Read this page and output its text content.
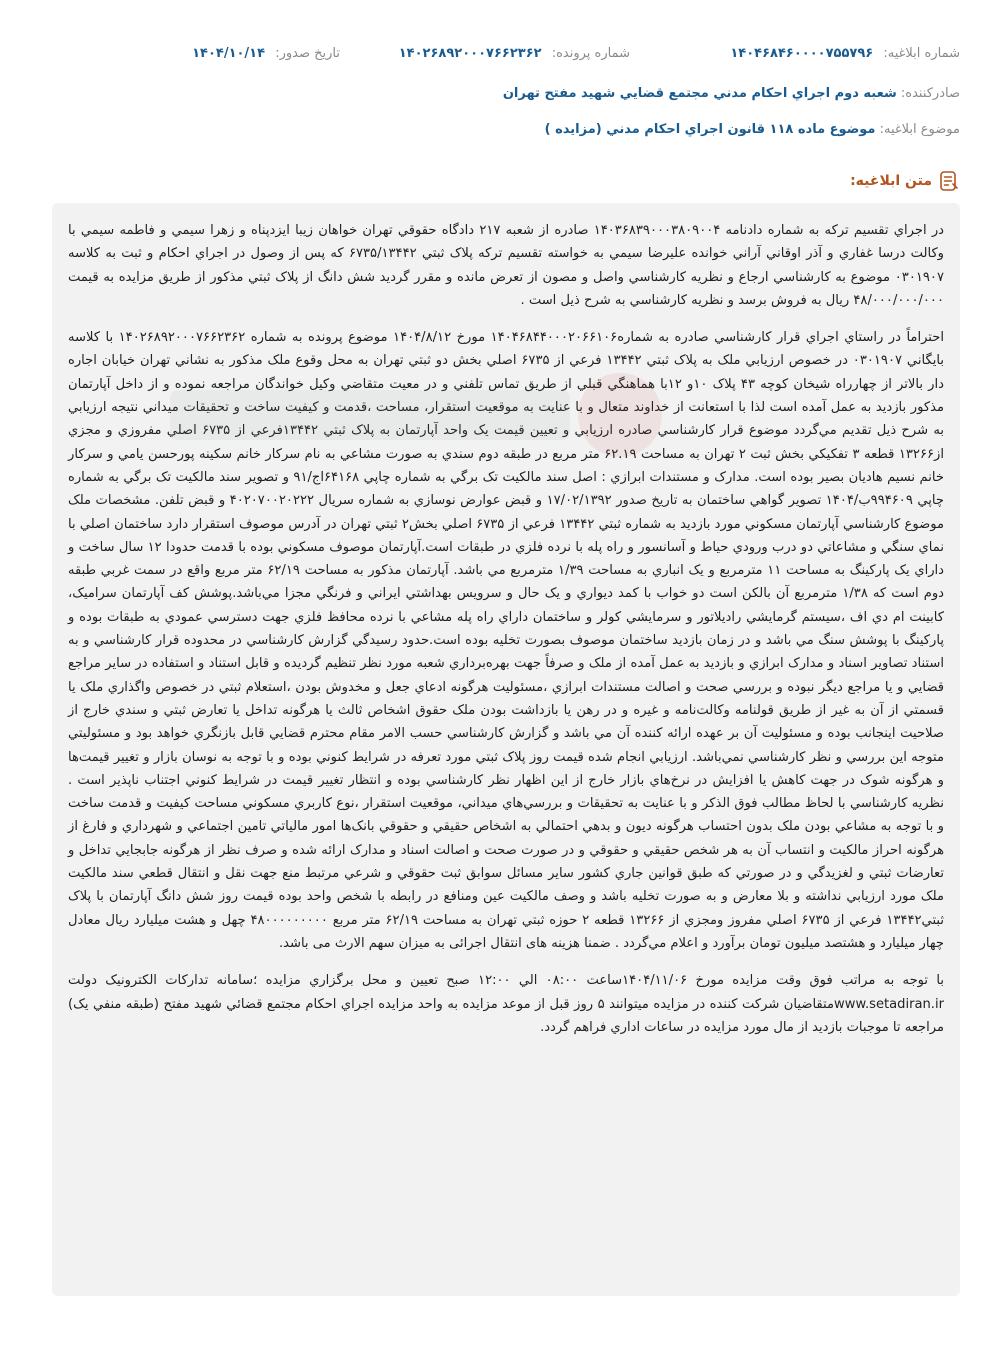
شماره ابلاغيه: ۱۴۰۴۶۸۴۶۰۰۰۰۷۵۵۷۹۶
شماره پرونده: ۱۴۰۲۶۸۹۲۰۰۰۷۶۶۲۳۶۲
تاريخ صدور: ۱۴۰۴/۱۰/۱۴
صادرکننده: شعبه دوم اجراي احکام مدني مجتمع قضايي شهيد مفتح تهران
موضوع ابلاغيه: موضوع ماده ۱۱۸ قانون اجراي احکام مدني (مزايده )
متن ابلاغيه:

در اجراي تقسيم ترکه به شماره دادنامه ۱۴۰۳۶۸۳۹۰۰۰۳۸۰۹۰۰۴ صادره از شعبه ۲۱۷ دادگاه حقوقي تهران خواهان زيبا ايزدپناه و زهرا سيمي و فاطمه سيمي با وکالت درسا غفاري و آذر اوقاني آراني خوانده عليرضا سيمي به خواسته تقسيم ترکه پلاک ثبتي ۶۷۳۵/۱۳۴۴۲ که پس از وصول در اجراي احکام و ثبت به کلاسه ۰۳۰۱۹۰۷ موضوع به کارشناسي ارجاع و نظريه کارشناسي واصل و مصون از تعرض مانده و مقرر گرديد شش دانگ از پلاک ثبتي مذکور از طريق مزايده به قيمت ۴۸/۰۰۰/۰۰۰/۰۰۰ ريال به فروش برسد و نظريه کارشناسي به شرح ذيل است .

احتراماً در راستاي اجراي قرار کارشناسي صادره به شماره۱۴۰۴۶۸۴۴۰۰۰۲۰۶۶۱۰۶ مورخ ۱۴۰۴/۸/۱۲ موضوع پرونده به شماره ۱۴۰۲۶۸۹۲۰۰۰۷۶۶۲۳۶۲ با کلاسه بايگاني ۰۳۰۱۹۰۷ در خصوص ارزيابي ملک به پلاک ثبتي ۱۳۴۴۲ فرعي از ۶۷۳۵ اصلي بخش دو ثبتي تهران به محل وقوع ملک مذکور به نشاني تهران خيابان اجاره دار بالاتر از چهارراه شيخان کوچه ۴۳ پلاک ۱۰و ۱۲با هماهنگي قبلي از طريق تماس تلفني و در معيت متقاضي وکيل خواندگان مراجعه نموده و از داخل آپارتمان مذکور بازديد به عمل آمده است لذا با استعانت از خداوند متعال و با عنايت به موقعيت استقرار، مساحت ،قدمت و کيفيت ساخت و تحقيقات ميداني نتيجه ارزيابي به شرح ذيل تقديم مي‌گردد موضوع قرار کارشناسي صادره ارزيابي و تعيين قيمت يک واحد آپارتمان به پلاک ثبتي ۱۳۴۴۲فرعي از ۶۷۳۵ اصلي مفروزي و مجزي از۱۳۲۶۶ قطعه ۳ تفکيکي بخش ثبت ۲ تهران به مساحت ۶۲.۱۹ متر مربع در طبقه دوم سندي به صورت مشاعي به نام سرکار خانم سکينه پورحسن يامي و سرکار خانم نسيم هاديان بصير بوده است. مدارک و مستندات ابرازي : اصل سند مالکيت تک برگي به شماره چاپي ۶۴۱۶۸اج/۹۱ و تصوير سند مالکيت تک برگي به شماره چاپي ۹۹۴۶۰۹ب/۱۴۰۴ تصوير گواهي ساختمان به تاريخ صدور ۱۷/۰۲/۱۳۹۲ و قبض عوارض نوسازي به شماره سريال ۴۰۲۰۷۰۰۲۰۲۲۲ و قبض تلفن. مشخصات ملک موضوع کارشناسي آپارتمان مسکوني مورد بازديد به شماره ثبتي ۱۳۴۴۲ فرعي از ۶۷۳۵ اصلي بخش۲ ثبتي تهران در آدرس موصوف استقرار دارد ساختمان اصلي با نماي سنگي و مشاعاتي دو درب ورودي حياط و آسانسور و راه پله با نرده فلزي در طبقات است.آپارتمان موصوف مسکوني بوده با قدمت حدودا ۱۲ سال ساخت و داراي يک پارکينگ به مساحت ۱۱ مترمربع و يک انباري به مساحت ۱/۳۹ مترمربع مي باشد. آپارتمان مذکور به مساحت ۶۲/۱۹ متر مربع واقع در سمت غربي طبقه دوم است که ۱/۳۸ مترمربع آن بالکن است دو خواب با کمد ديواري و يک حال و سرويس بهداشتي ايراني و فرنگي مجزا مي‌باشد.پوشش کف آپارتمان سراميک، کابينت ام دي اف ،سيستم گرمايشي راديلاتور و سرمايشي کولر و ساختمان داراي راه پله مشاعي با نرده محافظ فلزي جهت دسترسي عمودي به طبقات بوده و پارکينگ با پوشش سنگ مي باشد و در زمان بازديد ساختمان موصوف بصورت تخليه بوده است.حدود رسيدگي گزارش کارشناسي در محدوده قرار کارشناسي و به استناد تصاوير اسناد و مدارک ابرازي و بازديد به عمل آمده از ملک و صرفاً جهت بهره‌برداري شعبه مورد نظر تنظيم گرديده و قابل استناد و استفاده در ساير مراجع قضايي و يا مراجع ديگر نبوده و بررسي صحت و اصالت مستندات ابرازي ،مسئوليت هرگونه ادعاي جعل و مخدوش بودن ،استعلام ثبتي در خصوص واگذاري ملک يا قسمتي از آن به غير از طريق قولنامه وکالت‌نامه و غيره و در رهن يا بازداشت بودن ملک حقوق اشخاص ثالث يا هرگونه تداخل يا تعارض ثبتي و سندي خارج از صلاحيت اينجانب بوده و مسئوليت آن بر عهده ارائه کننده آن مي باشد و گزارش کارشناسي حسب الامر مقام محترم قضايي قابل بازنگري خواهد بود و مسئوليتي متوجه اين بررسي و نظر کارشناسي نمي‌باشد. ارزيابي انجام شده قيمت روز پلاک ثبتي مورد تعرفه در شرايط کنوني بوده و با توجه به نوسان بازار و تغيير قيمت‌ها و هرگونه شوک در جهت کاهش يا افزايش در نرخ‌هاي بازار خارج از اين اظهار نظر کارشناسي بوده و انتظار تغيير قيمت در شرايط کنوني اجتناب ناپذير است . نظريه کارشناسي با لحاظ مطالب فوق الذکر و با عنايت به تحقيقات و بررسي‌هاي ميداني، موقعيت استقرار ،نوع کاربري مسکوني مساحت کيفيت و قدمت ساخت و با توجه به مشاعي بودن ملک بدون احتساب هرگونه ديون و بدهي احتمالي به اشخاص حقيقي و حقوقي بانک‌ها امور مالياتي تامين اجتماعي و شهرداري و فارغ از هرگونه احراز مالکيت و انتساب آن به هر شخص حقيقي و حقوقي و در صورت صحت و اصالت اسناد و مدارک ارائه شده و صرف نظر از هرگونه جابجايي تداخل و تعارضات ثبتي و لغزيدگي و در صورتي که طبق قوانين جاري کشور ساير مسائل سوابق ثبت حقوقي و شرعي مرتبط منع جهت نقل و انتقال قطعي سند مالکيت ملک مورد ارزيابي نداشته و بلا معارض و به صورت تخليه باشد و وصف مالکيت عين ومنافع در رابطه با شخص واحد بوده قيمت روز شش دانگ آپارتمان با پلاک ثبتي۱۳۴۴۲ فرعي از ۶۷۳۵ اصلي مفروز ومجزي از ۱۳۲۶۶ قطعه ۲ حوزه ثبتي تهران به مساحت ۶۲/۱۹ متر مربع ۴۸۰۰۰۰۰۰۰۰۰ چهل و هشت ميليارد ريال معادل چهار ميليارد و هشتصد ميليون تومان برآورد و اعلام مي‌گردد . ضمنا هزينه هاى انتقال اجرائى به ميزان سهم الارث مى باشد.

با توجه به مراتب فوق وقت مزايده مورخ ۱۴۰۴/۱۱/۰۶ساعت ۰۸:۰۰ الي ۱۲:۰۰ صبح تعيين و محل برگزاري مزايده ؛سامانه تدارکات الکترونيک دولت www.setadiran.irمتقاضيان شرکت کننده در مزايده ميتوانند ۵ روز قبل از موعد مزايده به واحد مزايده اجراي احکام مجتمع قضائي شهيد مفتح (طبقه منفي يک) مراجعه تا موجبات بازديد از مال مورد مزايده در ساعات اداري فراهم گردد.
